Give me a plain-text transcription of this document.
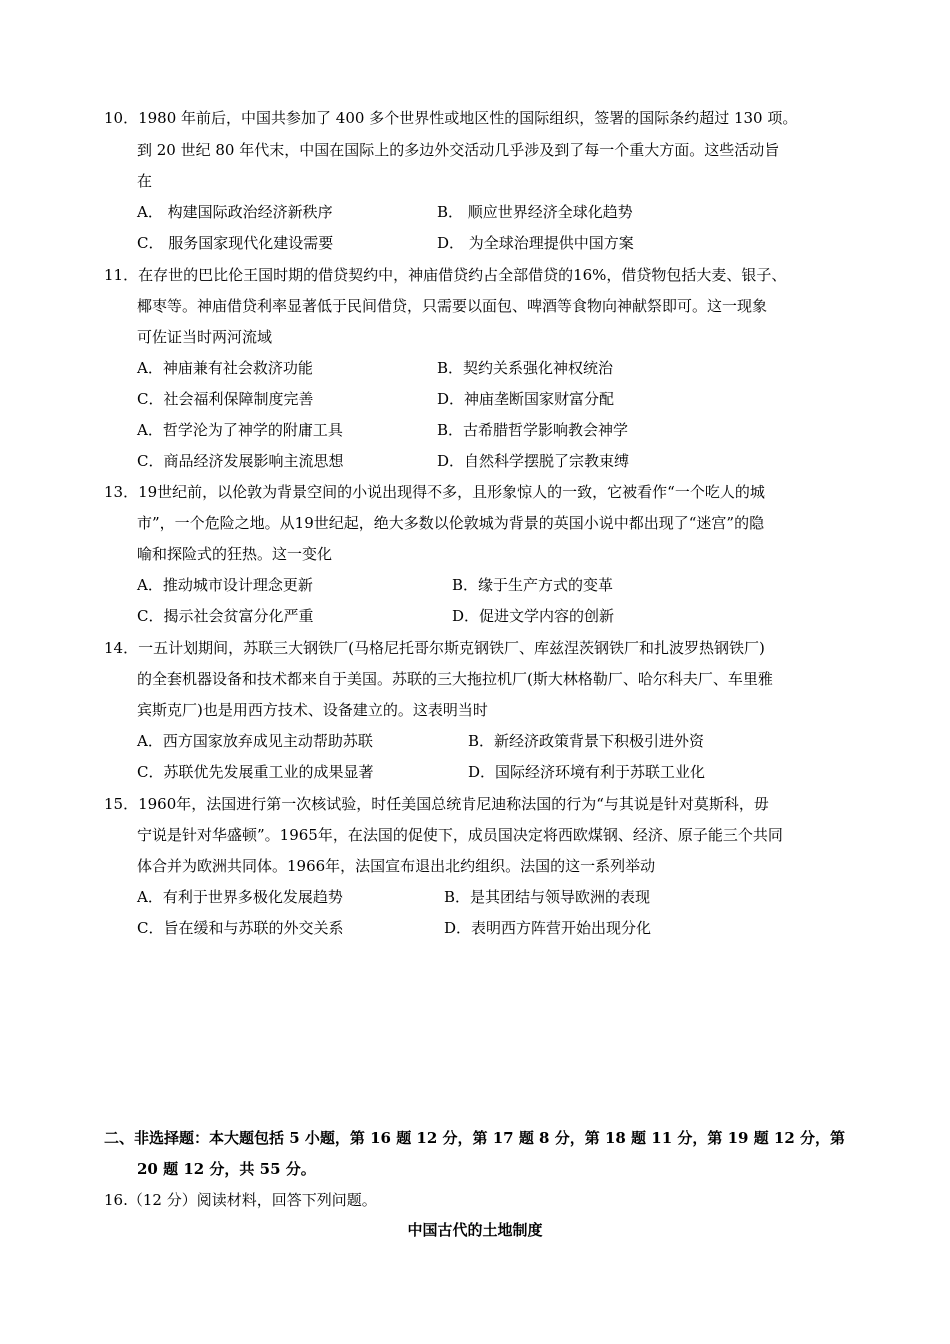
10．1980 年前后，中国共参加了 400 多个世界性或地区性的国际组织，签署的国际条约超过 130 项。
到 20 世纪 80 年代末，中国在国际上的多边外交活动几乎涉及到了每一个重大方面。这些活动旨
在
A． 构建国际政治经济新秩序	B． 顺应世界经济全球化趋势
C． 服务国家现代化建设需要	D． 为全球治理提供中国方案
11．在存世的巴比伦王国时期的借贷契约中，神庙借贷约占全部借贷的16%，借贷物包括大麦、银子、
椰枣等。神庙借贷利率显著低于民间借贷，只需要以面包、啤酒等食物向神献祭即可。这一现象
可佐证当时两河流域
A．神庙兼有社会救济功能	B．契约关系强化神权统治
C．社会福利保障制度完善	D．神庙垄断国家财富分配
A．哲学沦为了神学的附庸工具	B．古希腊哲学影响教会神学
C．商品经济发展影响主流思想	D．自然科学摆脱了宗教束缚
13．19世纪前，以伦敦为背景空间的小说出现得不多，且形象惊人的一致，它被看作“一个吃人的城
市”，一个危险之地。从19世纪起，绝大多数以伦敦城为背景的英国小说中都出现了“迷宫”的隐
喻和探险式的狂热。这一变化
A．推动城市设计理念更新	B．缘于生产方式的变革
C．揭示社会贫富分化严重	D．促进文学内容的创新
14．一五计划期间，苏联三大钢铁厂(马格尼托哥尔斯克钢铁厂、库兹涅茨钢铁厂和扎波罗热钢铁厂)
的全套机器设备和技术都来自于美国。苏联的三大拖拉机厂(斯大林格勒厂、哈尔科夫厂、车里雅
宾斯克厂)也是用西方技术、设备建立的。这表明当时
A．西方国家放弃成见主动帮助苏联	B．新经济政策背景下积极引进外资
C．苏联优先发展重工业的成果显著	D．国际经济环境有利于苏联工业化
15．1960年，法国进行第一次核试验，时任美国总统肯尼迪称法国的行为“与其说是针对莫斯科，毋
宁说是针对华盛顿”。1965年，在法国的促使下，成员国决定将西欧煤钢、经济、原子能三个共同
体合并为欧洲共同体。1966年，法国宣布退出北约组织。法国的这一系列举动
A．有利于世界多极化发展趋势	B．是其团结与领导欧洲的表现
C．旨在缓和与苏联的外交关系	D．表明西方阵营开始出现分化
二、非选择题：本大题包括 5 小题，第 16 题 12 分，第 17 题 8 分，第 18 题 11 分，第 19 题 12 分，第
20 题 12 分，共 55 分。
16.（12 分）阅读材料，回答下列问题。
中国古代的土地制度
